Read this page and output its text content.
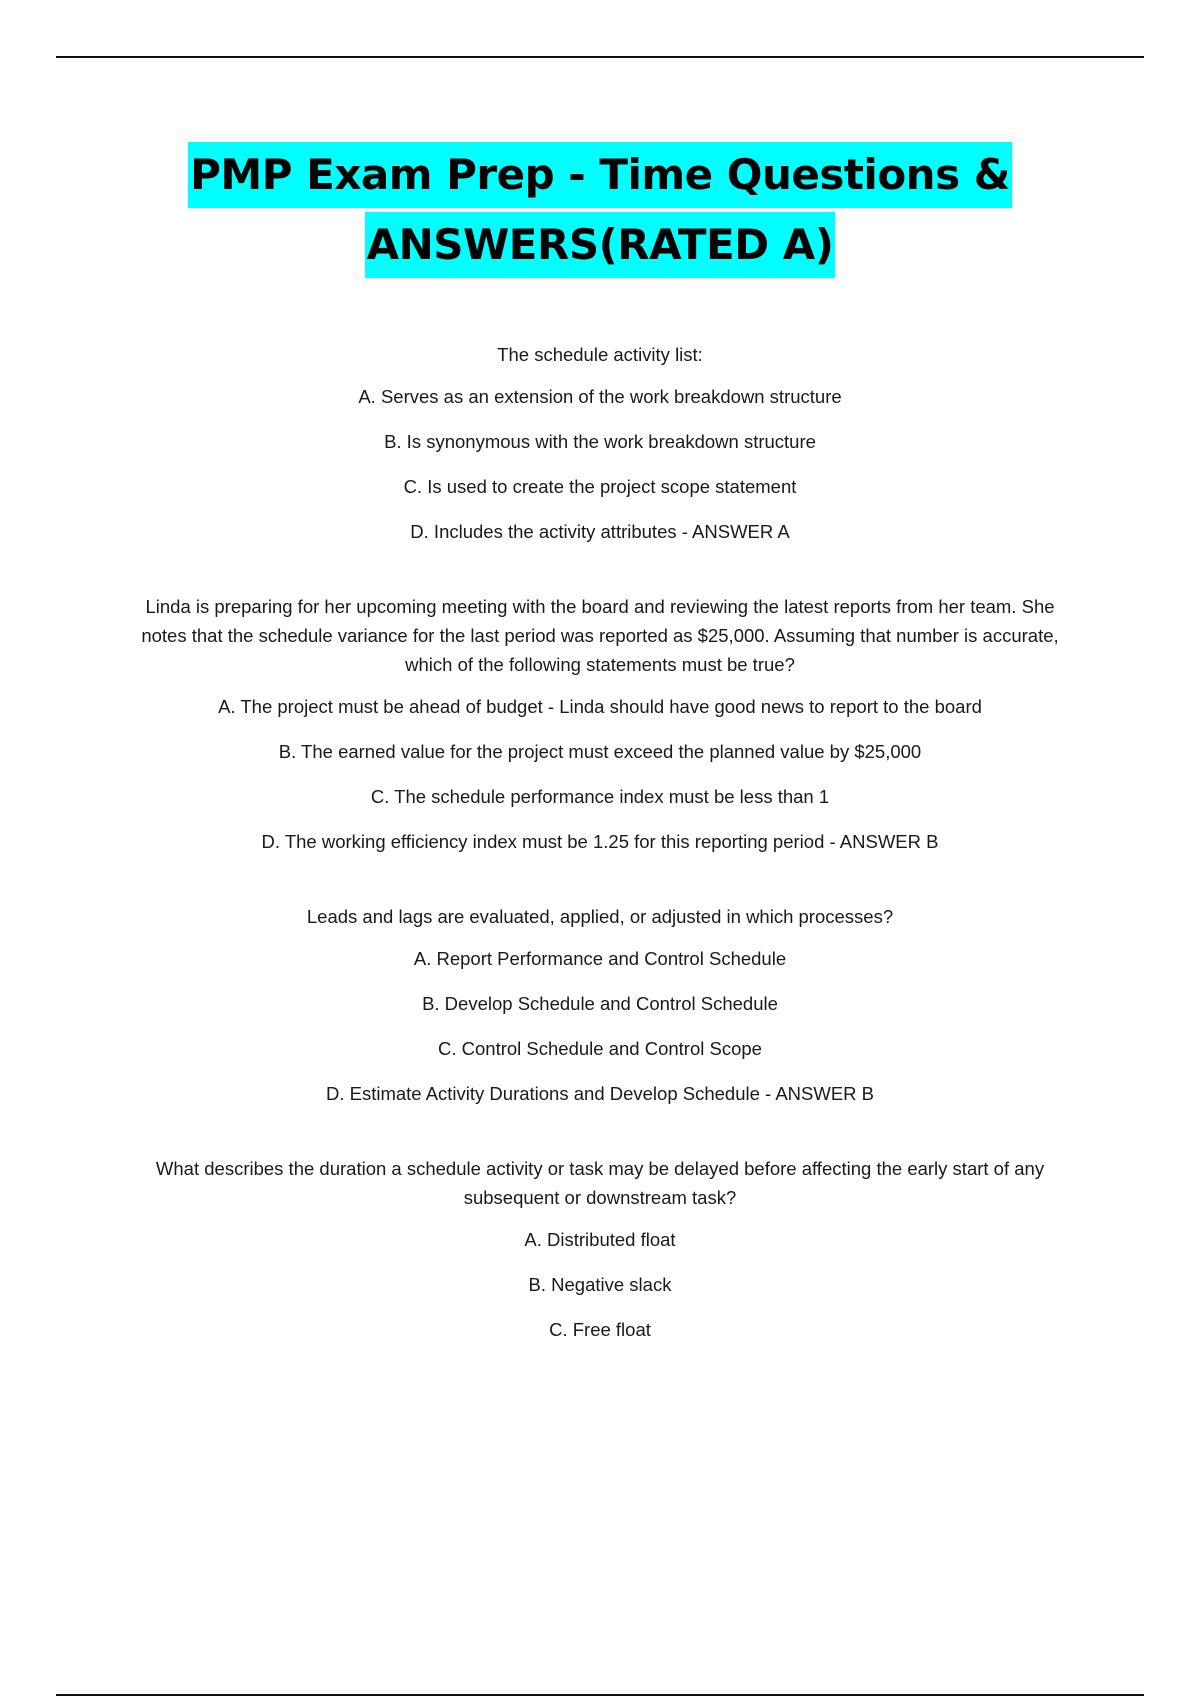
PMP Exam Prep - Time Questions &
ANSWERS(RATED A)

The schedule activity list:

A. Serves as an extension of the work breakdown structure

B. Is synonymous with the work breakdown structure

C. Is used to create the project scope statement

D. Includes the activity attributes - ANSWER A

Linda is preparing for her upcoming meeting with the board and reviewing the latest reports from her team. She notes that the schedule variance for the last period was reported as $25,000. Assuming that number is accurate, which of the following statements must be true?

A. The project must be ahead of budget - Linda should have good news to report to the board

B. The earned value for the project must exceed the planned value by $25,000

C. The schedule performance index must be less than 1

D. The working efficiency index must be 1.25 for this reporting period - ANSWER B

Leads and lags are evaluated, applied, or adjusted in which processes?

A. Report Performance and Control Schedule

B. Develop Schedule and Control Schedule

C. Control Schedule and Control Scope

D. Estimate Activity Durations and Develop Schedule - ANSWER B

What describes the duration a schedule activity or task may be delayed before affecting the early start of any subsequent or downstream task?

A. Distributed float

B. Negative slack

C. Free float
